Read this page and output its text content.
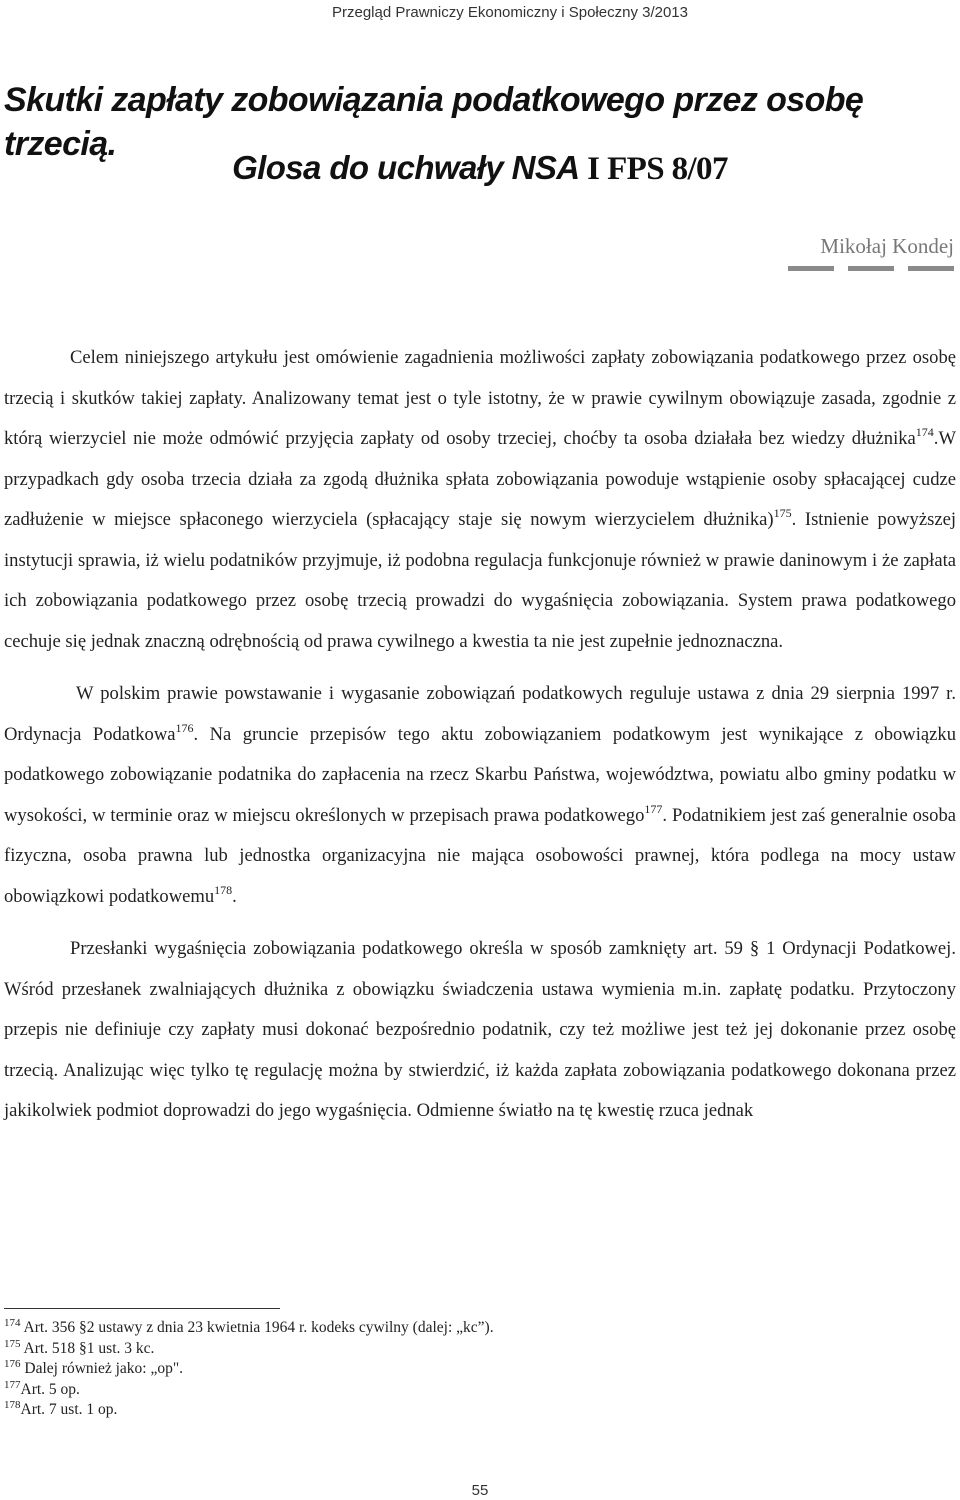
Przegląd Prawniczy Ekonomiczny i Społeczny 3/2013
Skutki zapłaty zobowiązania podatkowego przez osobę trzecią.
Glosa do uchwały NSA I FPS 8/07
Mikołaj Kondej

Celem niniejszego artykułu jest omówienie zagadnienia możliwości zapłaty zobowiązania podatkowego przez osobę trzecią i skutków takiej zapłaty. Analizowany temat jest o tyle istotny, że w prawie cywilnym obowiązuje zasada, zgodnie z którą wierzyciel nie może odmówić przyjęcia zapłaty od osoby trzeciej, choćby ta osoba działała bez wiedzy dłużnika$^{174}$.W przypadkach gdy osoba trzecia działa za zgodą dłużnika spłata zobowiązania powoduje wstąpienie osoby spłacającej cudze zadłużenie w miejsce spłaconego wierzyciela (spłacający staje się nowym wierzycielem dłużnika)$^{175}$. Istnienie powyższej instytucji sprawia, iż wielu podatników przyjmuje, iż podobna regulacja funkcjonuje również w prawie daninowym i że zapłata ich zobowiązania podatkowego przez osobę trzecią prowadzi do wygaśnięcia zobowiązania. System prawa podatkowego cechuje się jednak znaczną odrębnością od prawa cywilnego a kwestia ta nie jest zupełnie jednoznaczna.

W polskim prawie powstawanie i wygasanie zobowiązań podatkowych reguluje ustawa z dnia 29 sierpnia 1997 r. Ordynacja Podatkowa$^{176}$. Na gruncie przepisów tego aktu zobowiązaniem podatkowym jest wynikające z obowiązku podatkowego zobowiązanie podatnika do zapłacenia na rzecz Skarbu Państwa, województwa, powiatu albo gminy podatku w wysokości, w terminie oraz w miejscu określonych w przepisach prawa podatkowego$^{177}$. Podatnikiem jest zaś generalnie osoba fizyczna, osoba prawna lub jednostka organizacyjna nie mająca osobowości prawnej, która podlega na mocy ustaw obowiązkowi podatkowemu$^{178}$.

Przesłanki wygaśnięcia zobowiązania podatkowego określa w sposób zamknięty art. 59 § 1 Ordynacji Podatkowej. Wśród przesłanek zwalniających dłużnika z obowiązku świadczenia ustawa wymienia m.in. zapłatę podatku. Przytoczony przepis nie definiuje czy zapłaty musi dokonać bezpośrednio podatnik, czy też możliwe jest też jej dokonanie przez osobę trzecią. Analizując więc tylko tę regulację można by stwierdzić, iż każda zapłata zobowiązania podatkowego dokonana przez jakikolwiek podmiot doprowadzi do jego wygaśnięcia. Odmienne światło na tę kwestię rzuca jednak

$^{174}$ Art. 356 §2 ustawy z dnia 23 kwietnia 1964 r. kodeks cywilny (dalej: „kc”).
$^{175}$ Art. 518 §1 ust. 3 kc.
$^{176}$ Dalej również jako: „op".
$^{177}$Art. 5 op.
$^{178}$Art. 7 ust. 1 op.
55
